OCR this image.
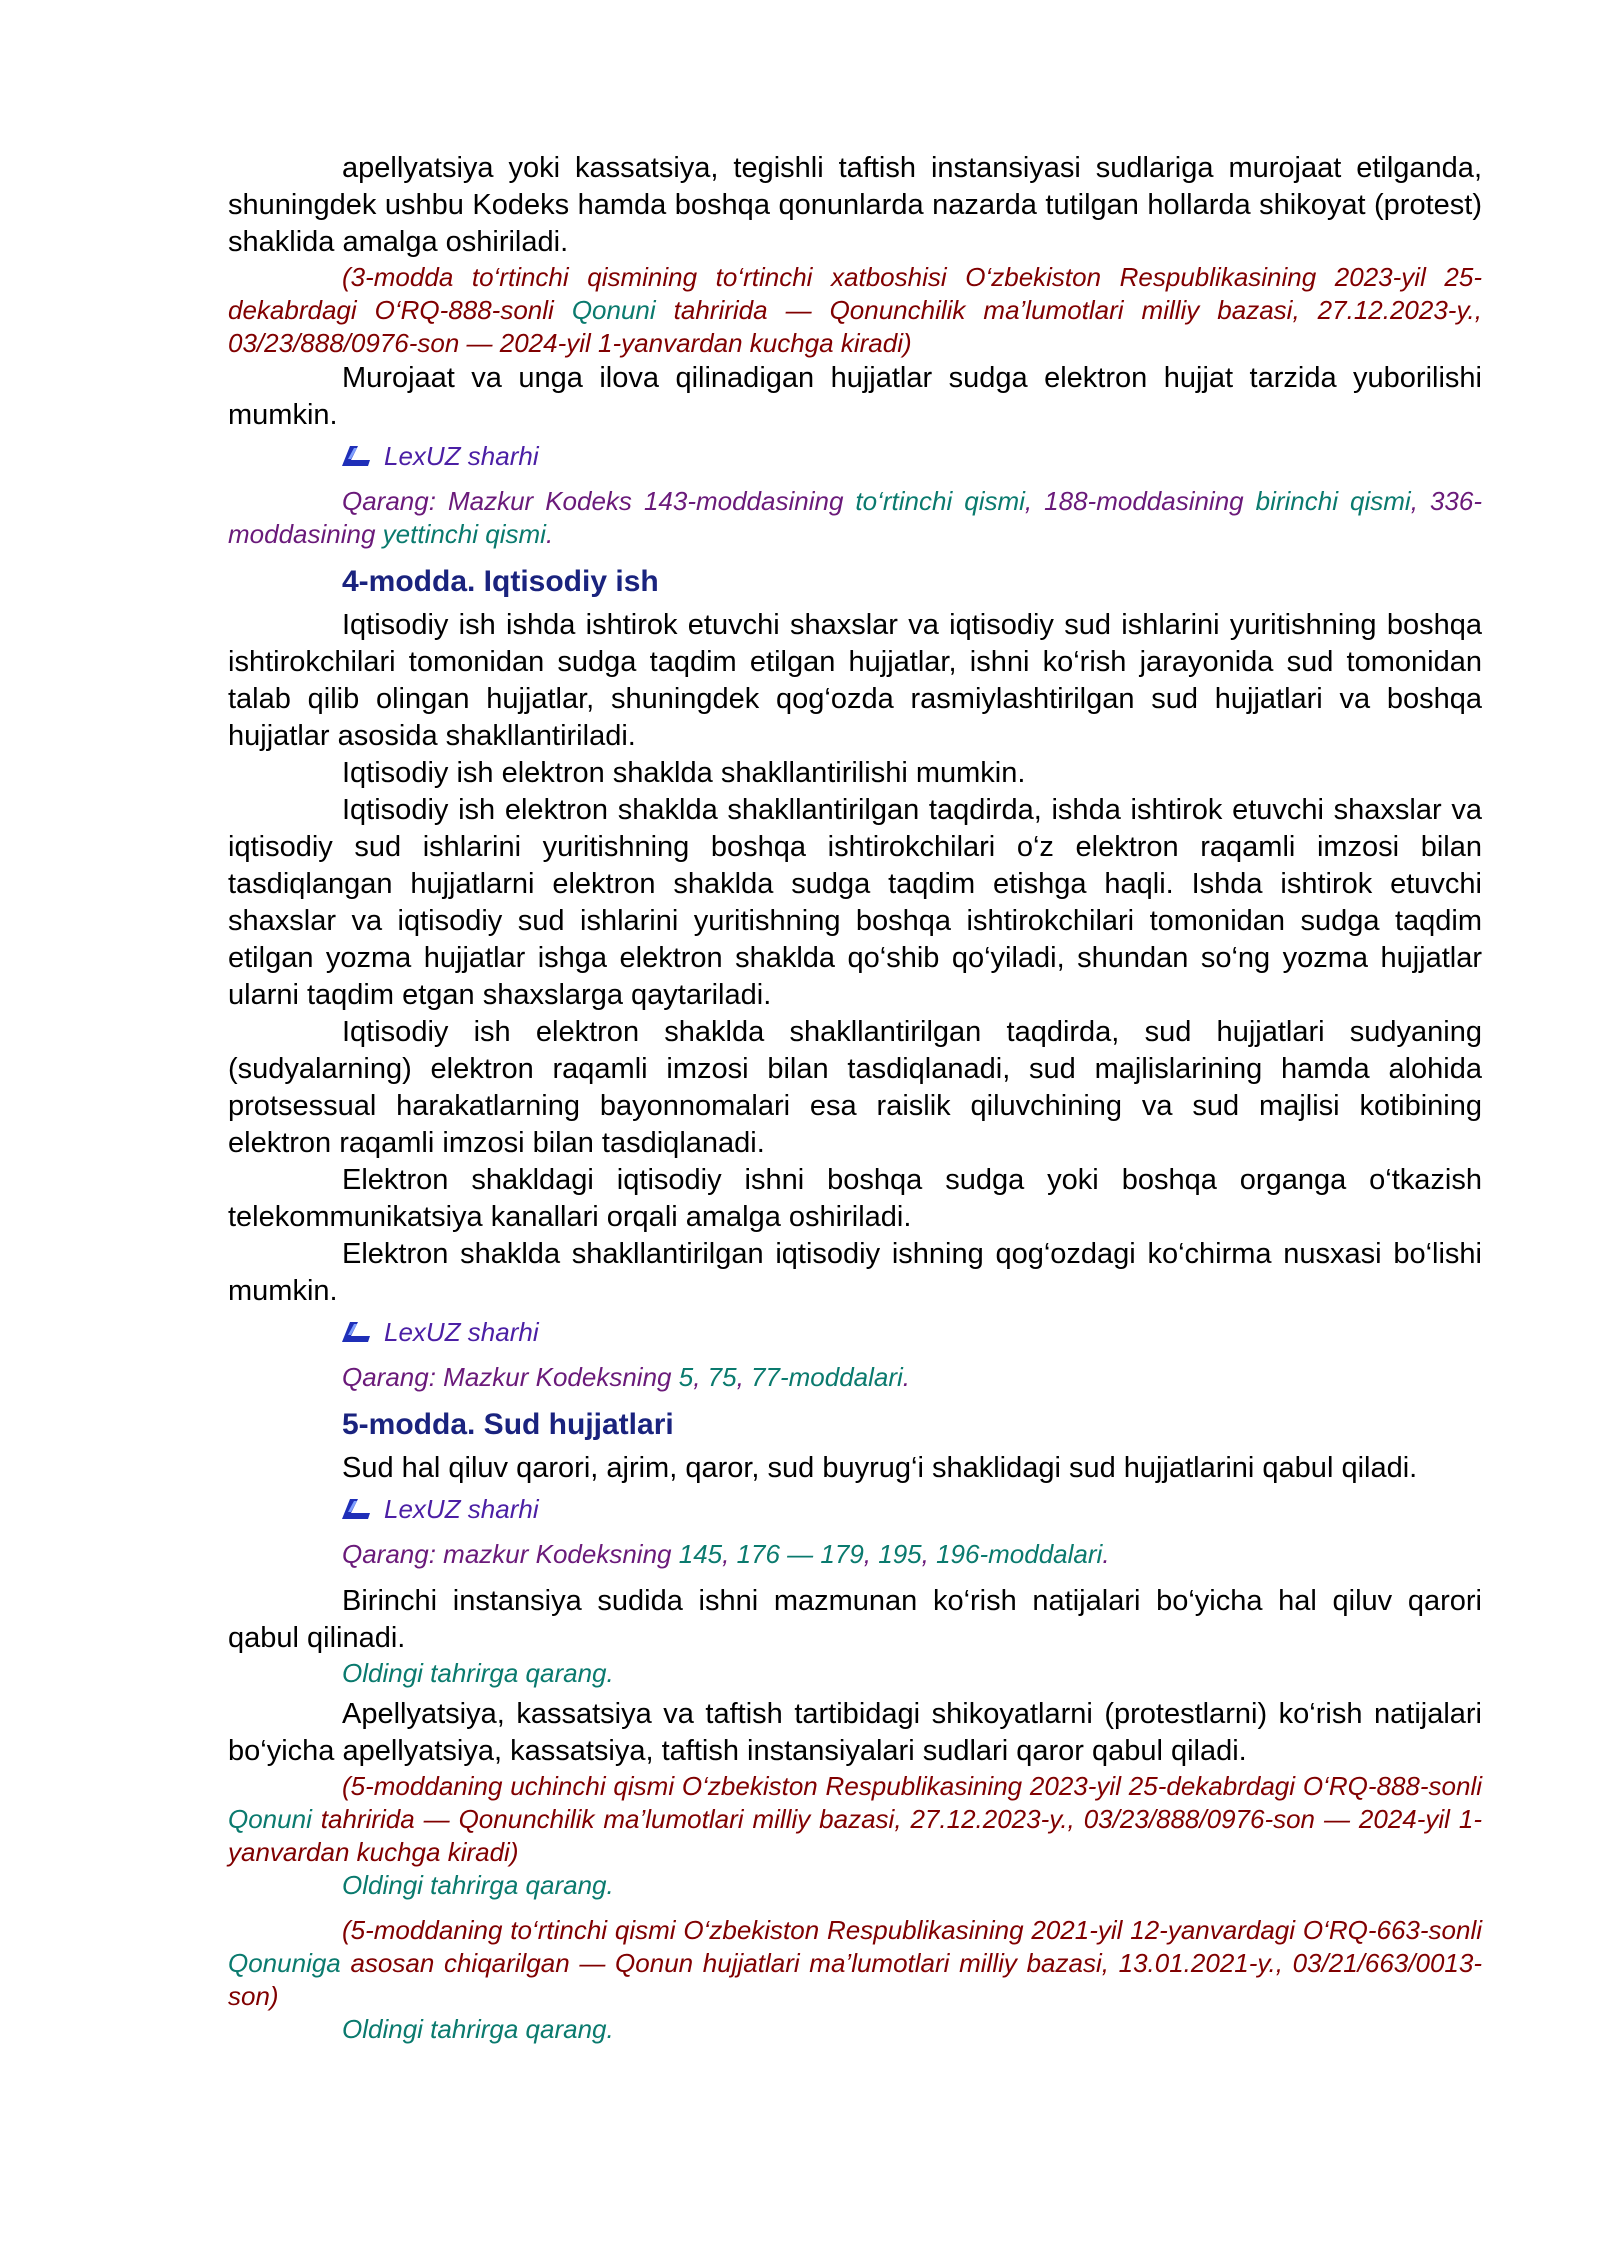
apellyatsiya yoki kassatsiya, tegishli taftish instansiyasi sudlariga murojaat etilganda, shuningdek ushbu Kodeks hamda boshqa qonunlarda nazarda tutilgan hollarda shikoyat (protest) shaklida amalga oshiriladi.

(3-modda to‘rtinchi qismining to‘rtinchi xatboshisi O‘zbekiston Respublikasining 2023-yil 25-dekabrdagi O‘RQ-888-sonli Qonuni tahririda — Qonunchilik ma’lumotlari milliy bazasi, 27.12.2023-y., 03/23/888/0976-son — 2024-yil 1-yanvardan kuchga kiradi)

Murojaat va unga ilova qilinadigan hujjatlar sudga elektron hujjat tarzida yuborilishi mumkin.

LexUZ sharhi

Qarang: Mazkur Kodeks 143-moddasining to‘rtinchi qismi, 188-moddasining birinchi qismi, 336-moddasining yettinchi qismi.

4-modda. Iqtisodiy ish

Iqtisodiy ish ishda ishtirok etuvchi shaxslar va iqtisodiy sud ishlarini yuritishning boshqa ishtirokchilari tomonidan sudga taqdim etilgan hujjatlar, ishni ko‘rish jarayonida sud tomonidan talab qilib olingan hujjatlar, shuningdek qog‘ozda rasmiylashtirilgan sud hujjatlari va boshqa hujjatlar asosida shakllantiriladi.

Iqtisodiy ish elektron shaklda shakllantirilishi mumkin.

Iqtisodiy ish elektron shaklda shakllantirilgan taqdirda, ishda ishtirok etuvchi shaxslar va iqtisodiy sud ishlarini yuritishning boshqa ishtirokchilari o‘z elektron raqamli imzosi bilan tasdiqlangan hujjatlarni elektron shaklda sudga taqdim etishga haqli. Ishda ishtirok etuvchi shaxslar va iqtisodiy sud ishlarini yuritishning boshqa ishtirokchilari tomonidan sudga taqdim etilgan yozma hujjatlar ishga elektron shaklda qo‘shib qo‘yiladi, shundan so‘ng yozma hujjatlar ularni taqdim etgan shaxslarga qaytariladi.

Iqtisodiy ish elektron shaklda shakllantirilgan taqdirda, sud hujjatlari sudyaning (sudyalarning) elektron raqamli imzosi bilan tasdiqlanadi, sud majlislarining hamda alohida protsessual harakatlarning bayonnomalari esa raislik qiluvchining va sud majlisi kotibining elektron raqamli imzosi bilan tasdiqlanadi.

Elektron shakldagi iqtisodiy ishni boshqa sudga yoki boshqa organga o‘tkazish telekommunikatsiya kanallari orqali amalga oshiriladi.

Elektron shaklda shakllantirilgan iqtisodiy ishning qog‘ozdagi ko‘chirma nusxasi bo‘lishi mumkin.

LexUZ sharhi

Qarang: Mazkur Kodeksning 5, 75, 77-moddalari.

5-modda. Sud hujjatlari

Sud hal qiluv qarori, ajrim, qaror, sud buyrug‘i shaklidagi sud hujjatlarini qabul qiladi.

LexUZ sharhi

Qarang: mazkur Kodeksning 145, 176 — 179, 195, 196-moddalari.

Birinchi instansiya sudida ishni mazmunan ko‘rish natijalari bo‘yicha hal qiluv qarori qabul qilinadi.

Oldingi tahrirga qarang.

Apellyatsiya, kassatsiya va taftish tartibidagi shikoyatlarni (protestlarni) ko‘rish natijalari bo‘yicha apellyatsiya, kassatsiya, taftish instansiyalari sudlari qaror qabul qiladi.

(5-moddaning uchinchi qismi O‘zbekiston Respublikasining 2023-yil 25-dekabrdagi O‘RQ-888-sonli Qonuni tahririda — Qonunchilik ma’lumotlari milliy bazasi, 27.12.2023-y., 03/23/888/0976-son — 2024-yil 1-yanvardan kuchga kiradi)

Oldingi tahrirga qarang.

(5-moddaning to‘rtinchi qismi O‘zbekiston Respublikasining 2021-yil 12-yanvardagi O‘RQ-663-sonli Qonuniga asosan chiqarilgan — Qonun hujjatlari ma’lumotlari milliy bazasi, 13.01.2021-y., 03/21/663/0013-son)

Oldingi tahrirga qarang.
